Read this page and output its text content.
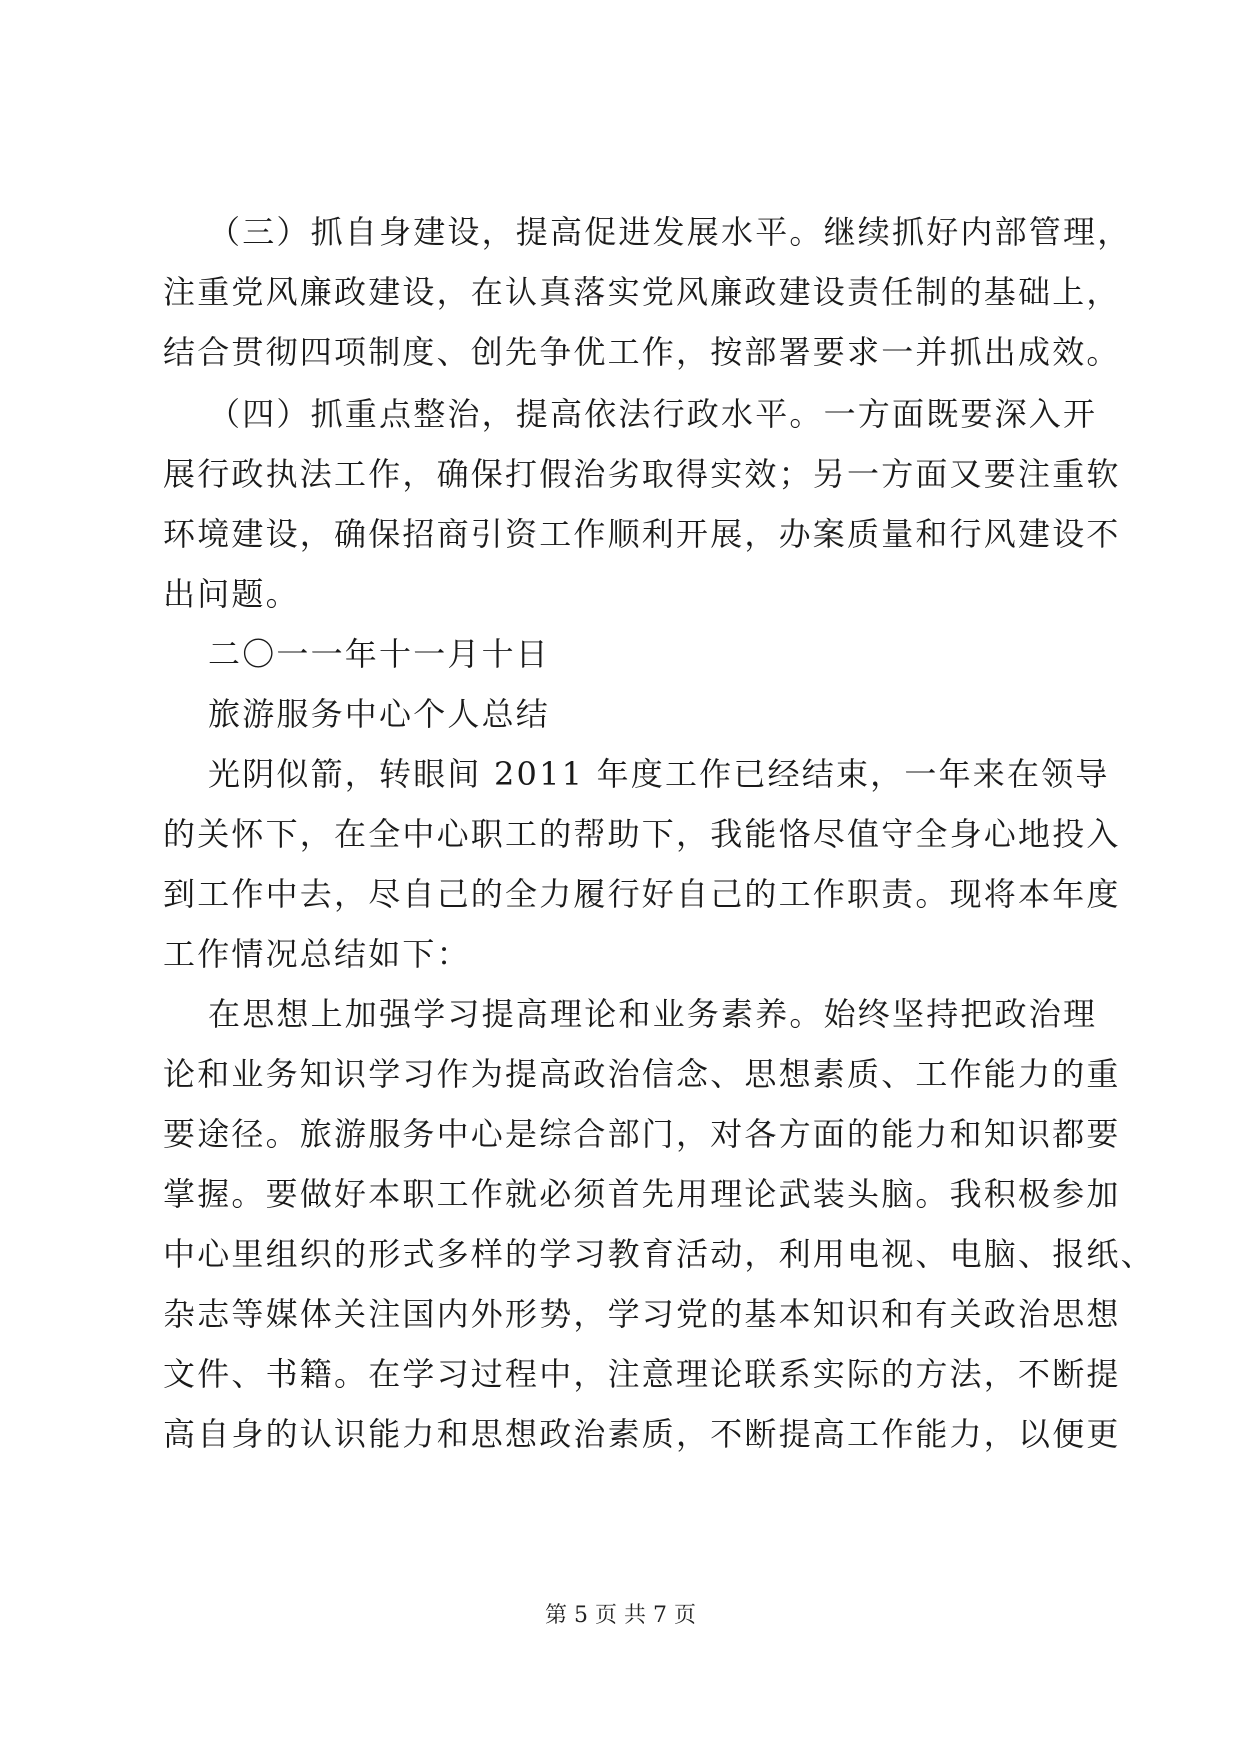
（三）抓自身建设，提高促进发展水平。继续抓好内部管理，
注重党风廉政建设，在认真落实党风廉政建设责任制的基础上，
结合贯彻四项制度、创先争优工作，按部署要求一并抓出成效。
（四）抓重点整治，提高依法行政水平。一方面既要深入开
展行政执法工作，确保打假治劣取得实效；另一方面又要注重软
环境建设，确保招商引资工作顺利开展，办案质量和行风建设不
出问题。
二〇一一年十一月十日
旅游服务中心个人总结
光阴似箭，转眼间 2011 年度工作已经结束，一年来在领导
的关怀下，在全中心职工的帮助下，我能恪尽值守全身心地投入
到工作中去，尽自己的全力履行好自己的工作职责。现将本年度
工作情况总结如下：
在思想上加强学习提高理论和业务素养。始终坚持把政治理
论和业务知识学习作为提高政治信念、思想素质、工作能力的重
要途径。旅游服务中心是综合部门，对各方面的能力和知识都要
掌握。要做好本职工作就必须首先用理论武装头脑。我积极参加
中心里组织的形式多样的学习教育活动，利用电视、电脑、报纸、
杂志等媒体关注国内外形势，学习党的基本知识和有关政治思想
文件、书籍。在学习过程中，注意理论联系实际的方法，不断提
高自身的认识能力和思想政治素质，不断提高工作能力，以便更
第 5 页 共 7 页
